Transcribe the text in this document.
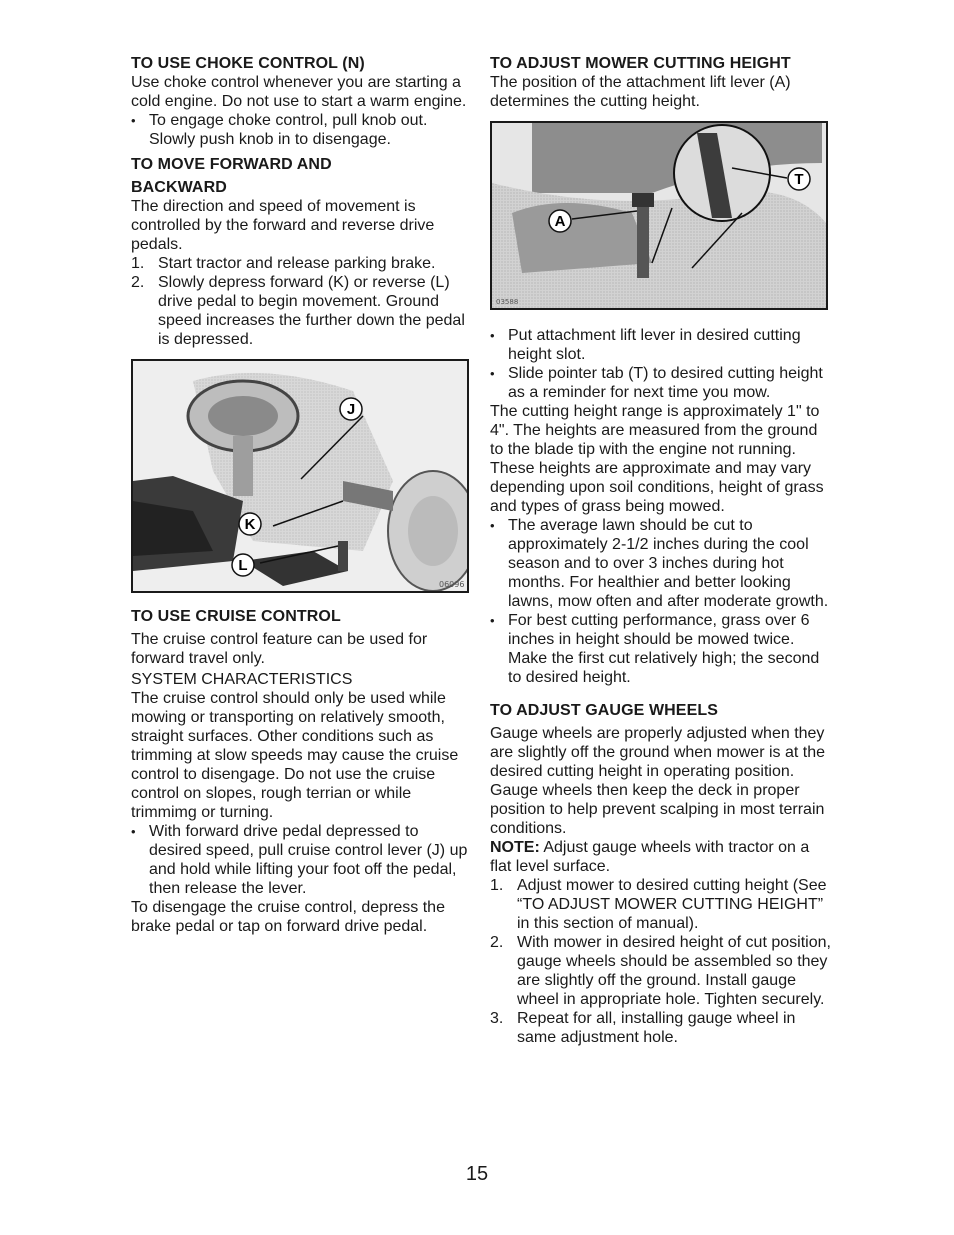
TO USE CHOKE CONTROL (N)

Use choke control whenever you are starting a cold engine. Do not use to start a warm engine.

• To engage choke control, pull knob out. Slowly push knob in to disengage.
TO MOVE FORWARD AND
BACKWARD

The direction and speed of movement is controlled by the forward and reverse drive pedals.

1. Start tractor and release parking brake.
2. Slowly depress forward (K) or reverse (L) drive pedal to begin movement. Ground speed increases the further down the pedal is depressed.
J
K
L
06096
TO USE CRUISE CONTROL

The cruise control feature can be used for forward travel only.

SYSTEM CHARACTERISTICS

The cruise control should only be used while mowing or transporting on relatively smooth, straight surfaces. Other conditions such as trimming at slow speeds may cause the cruise control to disengage. Do not use the cruise control on slopes, rough terrian or while trimmimg or turning.

• With forward drive pedal depressed to desired speed, pull cruise control lever (J) up and hold while lifting your foot off the pedal, then release the lever.

To disengage the cruise control, depress the brake pedal or tap on forward drive pedal.

TO ADJUST MOWER CUTTING HEIGHT

The position of the attachment lift lever (A) determines the cutting height.

A
T
03588
• Put attachment lift lever in desired cutting height slot.
• Slide pointer tab (T) to desired cutting height as a reminder for next time you mow.

The cutting height range is approximately 1" to 4". The heights are measured from the ground to the blade tip with the engine not running. These heights are approximate and may vary depending upon soil conditions, height of grass and types of grass being mowed.

• The average lawn should be cut to approximately 2-1/2 inches during the cool season and to over 3 inches during hot months. For healthier and better looking lawns, mow often and after moderate growth.
• For best cutting performance, grass over 6 inches in height should be mowed twice. Make the first cut relatively high; the second to desired height.
TO ADJUST GAUGE WHEELS

Gauge wheels are properly adjusted when they are slightly off the ground when mower is at the desired cutting height in operating position. Gauge wheels then keep the deck in proper position to help prevent scalping in most terrain conditions.

NOTE: Adjust gauge wheels with tractor on a flat level surface.

1. Adjust mower to desired cutting height (See “TO ADJUST MOWER CUTTING HEIGHT” in this section of manual).
2. With mower in desired height of cut position, gauge wheels should be assembled so they are slightly off the ground. Install gauge wheel in appropriate hole. Tighten securely.
3. Repeat for all, installing gauge wheel in same adjustment hole.
15
